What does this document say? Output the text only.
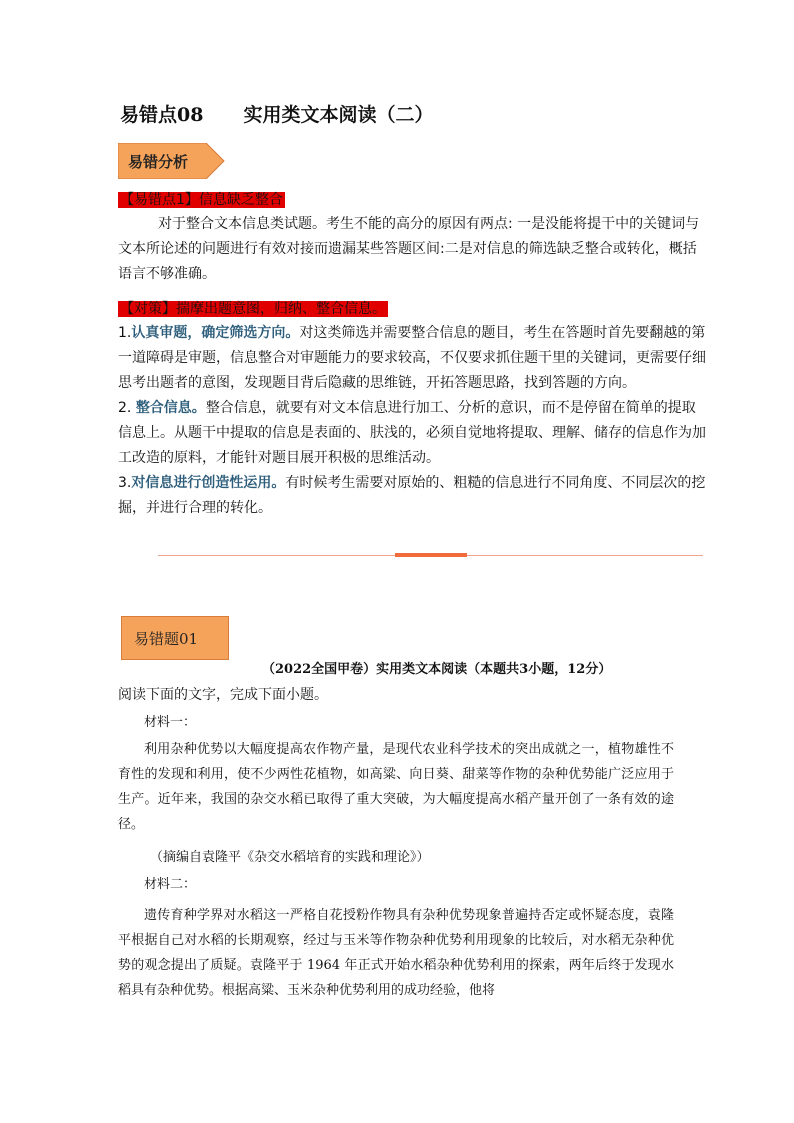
易错点08 实用类文本阅读（二）
易错分析
【易错点1】信息缺乏整合
对于整合文本信息类试题。考生不能的高分的原因有两点: 一是没能将提干中的关键词与文本所论述的问题进行有效对接而遗漏某些答题区间:二是对信息的筛选缺乏整合或转化，概括语言不够准确。
【对策】揣摩出题意图，归纳、整合信息。
1.认真审题，确定筛选方向。对这类筛选并需要整合信息的题目，考生在答题时首先要翻越的第一道障碍是审题，信息整合对审题能力的要求较高，不仅要求抓住题干里的关键词，更需要仔细思考出题者的意图，发现题目背后隐藏的思维链，开拓答题思路，找到答题的方向。
2. 整合信息。整合信息，就要有对文本信息进行加工、分析的意识，而不是停留在简单的提取信息上。从题干中提取的信息是表面的、肤浅的，必须自觉地将提取、理解、储存的信息作为加工改造的原料，才能针对题目展开积极的思维活动。
3.对信息进行创造性运用。有时候考生需要对原始的、粗糙的信息进行不同角度、不同层次的挖掘，并进行合理的转化。
易错题01
（2022全国甲卷）实用类文本阅读（本题共3小题，12分）
阅读下面的文字，完成下面小题。
材料一：
利用杂种优势以大幅度提高农作物产量，是现代农业科学技术的突出成就之一，植物雄性不育性的发现和利用，使不少两性花植物，如高粱、向日葵、甜菜等作物的杂种优势能广泛应用于生产。近年来，我国的杂交水稻已取得了重大突破，为大幅度提高水稻产量开创了一条有效的途径。
（摘编自袁隆平《杂交水稻培育的实践和理论》）
材料二：
遗传育种学界对水稻这一严格自花授粉作物具有杂种优势现象普遍持否定或怀疑态度，袁隆平根据自己对水稻的长期观察，经过与玉米等作物杂种优势利用现象的比较后，对水稻无杂种优势的观念提出了质疑。袁隆平于 1964 年正式开始水稻杂种优势利用的探索，两年后终于发现水稻具有杂种优势。根据高粱、玉米杂种优势利用的成功经验，他将
